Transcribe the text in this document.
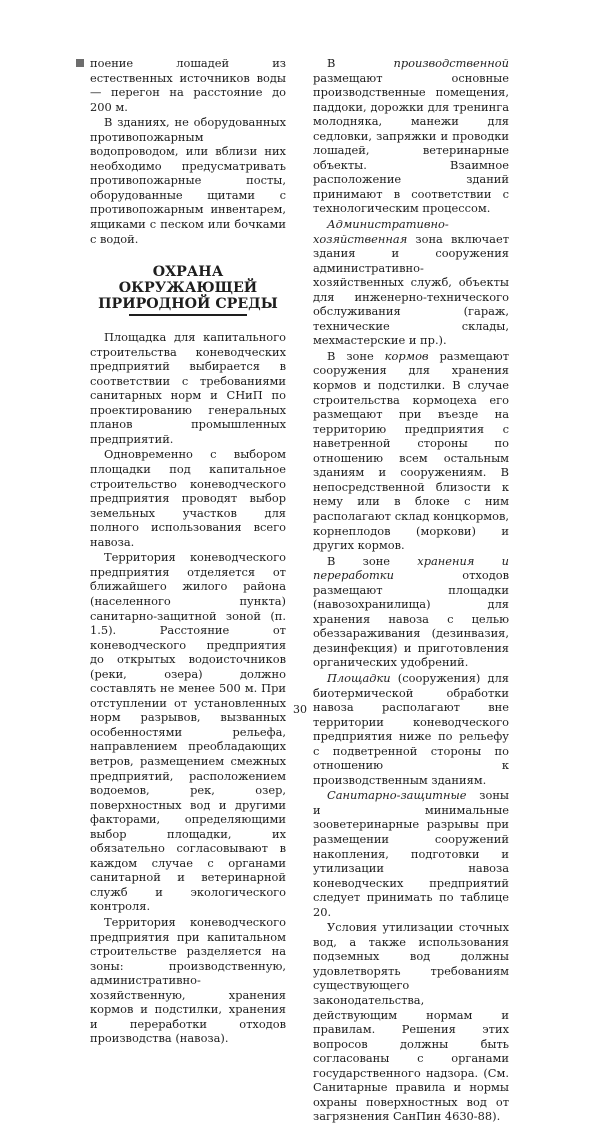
поение лошадей из естественных источников воды — перегон на расстояние до 200 м.

В зданиях, не оборудованных противопожарным водопроводом, или вблизи них необходимо предусматривать противопожарные посты, оборудованные щитами с противопожарным инвентарем, ящиками с песком или бочками с водой.

ОХРАНА
ОКРУЖАЮЩЕЙ
ПРИРОДНОЙ СРЕДЫ

Площадка для капитального строительства коневодческих предприятий выбирается в соответствии с требованиями санитарных норм и СНиП по проектированию генеральных планов промышленных предприятий.

Одновременно с выбором площадки под капитальное строительство коневодческого предприятия проводят выбор земельных участков для полного использования всего навоза.

Территория коневодческого предприятия отделяется от ближайшего жилого района (населенного пункта) санитарно-защитной зоной (п. 1.5). Расстояние от коневодческого предприятия до открытых водоисточников (реки, озера) должно составлять не менее 500 м. При отступлении от установленных норм разрывов, вызванных особенностями рельефа, направлением преобладающих ветров, размещением смежных предприятий, расположением водоемов, рек, озер, поверхностных вод и другими факторами, определяющими выбор площадки, их обязательно согласовывают в каждом случае с органами санитарной и ветеринарной служб и экологического контроля.

Территория коневодческого предприятия при капитальном строительстве разделяется на зоны: производственную, административно-хозяйственную, хранения кормов и подстилки, хранения и переработки отходов производства (навоза).

В производственной размещают основные производственные помещения, паддоки, дорожки для тренинга молодняка, манежи для седловки, запряжки и проводки лошадей, ветеринарные объекты. Взаимное расположение зданий принимают в соответствии с технологическим процессом.

Административно-хозяйственная зона включает здания и сооружения административно-хозяйственных служб, объекты для инженерно-технического обслуживания (гараж, технические склады, мехмастерские и пр.).

В зоне кормов размещают сооружения для хранения кормов и подстилки. В случае строительства кормоцеха его размещают при въезде на территорию предприятия с наветренной стороны по отношению всем остальным зданиям и сооружениям. В непосредственной близости к нему или в блоке с ним располагают склад концкормов, корнеплодов (моркови) и других кормов.

В зоне хранения и переработки отходов размещают площадки (навозохранилища) для хранения навоза с целью обеззараживания (дезинвазия, дезинфекция) и приготовления органических удобрений.

Площадки (сооружения) для биотермической обработки навоза располагают вне территории коневодческого предприятия ниже по рельефу с подветренной стороны по отношению к производственным зданиям.

Санитарно-защитные зоны и минимальные зооветеринарные разрывы при размещении сооружений накопления, подготовки и утилизации навоза коневодческих предприятий следует принимать по таблице 20.

Условия утилизации сточных вод, а также использования подземных вод должны удовлетворять требованиям существующего законодательства, действующим нормам и правилам. Решения этих вопросов должны быть согласованы с органами государственного надзора. (См. Санитарные правила и нормы охраны поверхностных вод от загрязнения СанПин 4630-88).

30
